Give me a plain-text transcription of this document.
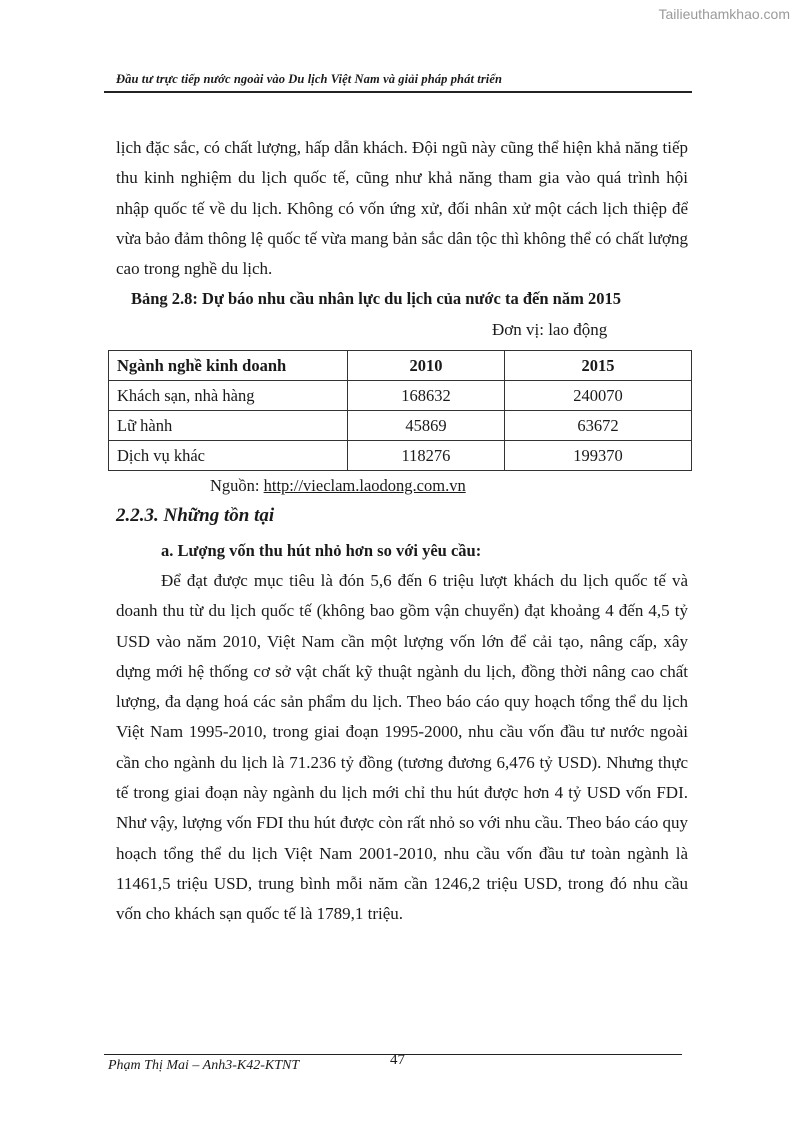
Tailieuthamkhao.com
Đầu tư trực tiếp nước ngoài vào Du lịch Việt Nam và giải pháp phát triển
lịch đặc sắc, có chất lượng, hấp dẫn khách. Đội ngũ này cũng thể hiện khả năng tiếp thu kinh nghiệm du lịch quốc tế, cũng như khả năng tham gia vào quá trình hội nhập quốc tế về du lịch. Không có vốn ứng xử, đối nhân xử một cách lịch thiệp để vừa bảo đảm thông lệ quốc tế vừa mang bản sắc dân tộc thì không thể có chất lượng cao trong nghề du lịch.
Bảng 2.8: Dự báo nhu cầu nhân lực du lịch của nước ta đến năm 2015
Đơn vị: lao động
Ngành nghề kinh doanh	2010	2015
Khách sạn, nhà hàng	168632	240070
Lữ hành	45869	63672
Dịch vụ khác	118276	199370
Nguồn: http://vieclam.laodong.com.vn
2.2.3. Những tồn tại
a. Lượng vốn thu hút nhỏ hơn so với yêu cầu:
Để đạt được mục tiêu là đón 5,6 đến 6 triệu lượt khách du lịch quốc tế và doanh thu từ du lịch quốc tế (không bao gồm vận chuyển) đạt khoảng 4 đến 4,5 tỷ USD vào năm 2010, Việt Nam cần một lượng vốn lớn để cải tạo, nâng cấp, xây dựng mới hệ thống cơ sở vật chất kỹ thuật ngành du lịch, đồng thời nâng cao chất lượng, đa dạng hoá các sản phẩm du lịch. Theo báo cáo quy hoạch tổng thể du lịch Việt Nam 1995-2010, trong giai đoạn 1995-2000, nhu cầu vốn đầu tư nước ngoài cần cho ngành du lịch là 71.236 tỷ đồng (tương đương 6,476 tỷ USD). Nhưng thực tế trong giai đoạn này ngành du lịch mới chỉ thu hút được hơn 4 tỷ USD vốn FDI. Như vậy, lượng vốn FDI thu hút được còn rất nhỏ so với nhu cầu. Theo báo cáo quy hoạch tổng thể du lịch Việt Nam 2001-2010, nhu cầu vốn đầu tư toàn ngành là 11461,5 triệu USD, trung bình mỗi năm cần 1246,2 triệu USD, trong đó nhu cầu vốn cho khách sạn quốc tế là 1789,1 triệu.
Phạm Thị Mai – Anh3-K42-KTNT	47
